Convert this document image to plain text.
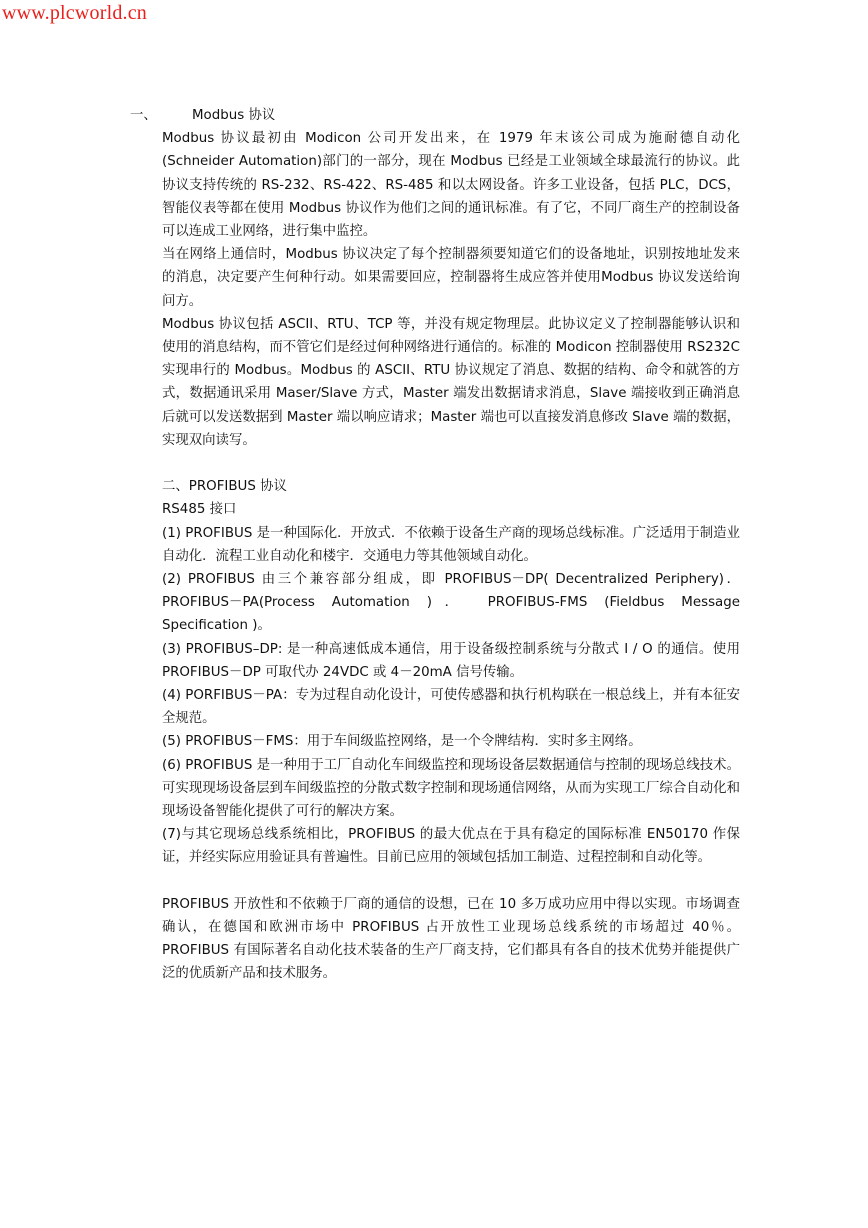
www.plcworld.cn
一、	Modbus 协议

Modbus 协议最初由 Modicon 公司开发出来，在 1979 年末该公司成为施耐德自动化(Schneider Automation)部门的一部分，现在 Modbus 已经是工业领域全球最流行的协议。此协议支持传统的 RS-232、RS-422、RS-485 和以太网设备。许多工业设备，包括 PLC，DCS，智能仪表等都在使用 Modbus 协议作为他们之间的通讯标准。有了它，不同厂商生产的控制设备可以连成工业网络，进行集中监控。

当在网络上通信时，Modbus 协议决定了每个控制器须要知道它们的设备地址，识别按地址发来的消息，决定要产生何种行动。如果需要回应，控制器将生成应答并使用Modbus 协议发送给询问方。

Modbus 协议包括 ASCII、RTU、TCP 等，并没有规定物理层。此协议定义了控制器能够认识和使用的消息结构，而不管它们是经过何种网络进行通信的。标准的 Modicon 控制器使用 RS232C 实现串行的 Modbus。Modbus 的 ASCII、RTU 协议规定了消息、数据的结构、命令和就答的方式，数据通讯采用 Maser/Slave 方式，Master 端发出数据请求消息，Slave 端接收到正确消息后就可以发送数据到 Master 端以响应请求；Master 端也可以直接发消息修改 Slave 端的数据，实现双向读写。

二、PROFIBUS 协议

RS485 接口

(1) PROFIBUS 是一种国际化．开放式．不依赖于设备生产商的现场总线标准。广泛适用于制造业自动化．流程工业自动化和楼宇．交通电力等其他领域自动化。

(2) PROFIBUS 由三个兼容部分组成，即 PROFIBUS－DP( Decentralized Periphery)．PROFIBUS－PA(Process Automation )． PROFIBUS-FMS (Fieldbus Message Specification )。

(3) PROFIBUS–DP: 是一种高速低成本通信，用于设备级控制系统与分散式 I / O 的通信。使用 PROFIBUS－DP 可取代办 24VDC 或 4－20mA 信号传输。

(4) PORFIBUS－PA：专为过程自动化设计，可使传感器和执行机构联在一根总线上，并有本征安全规范。

(5) PROFIBUS－FMS：用于车间级监控网络，是一个令牌结构．实时多主网络。

(6) PROFIBUS 是一种用于工厂自动化车间级监控和现场设备层数据通信与控制的现场总线技术。可实现现场设备层到车间级监控的分散式数字控制和现场通信网络，从而为实现工厂综合自动化和现场设备智能化提供了可行的解决方案。

(7)与其它现场总线系统相比，PROFIBUS 的最大优点在于具有稳定的国际标准 EN50170 作保证，并经实际应用验证具有普遍性。目前已应用的领域包括加工制造、过程控制和自动化等。

PROFIBUS 开放性和不依赖于厂商的通信的设想，已在 10 多万成功应用中得以实现。市场调查确认，在德国和欧洲市场中 PROFIBUS 占开放性工业现场总线系统的市场超过 40％。PROFIBUS 有国际著名自动化技术装备的生产厂商支持，它们都具有各自的技术优势并能提供广泛的优质新产品和技术服务。
